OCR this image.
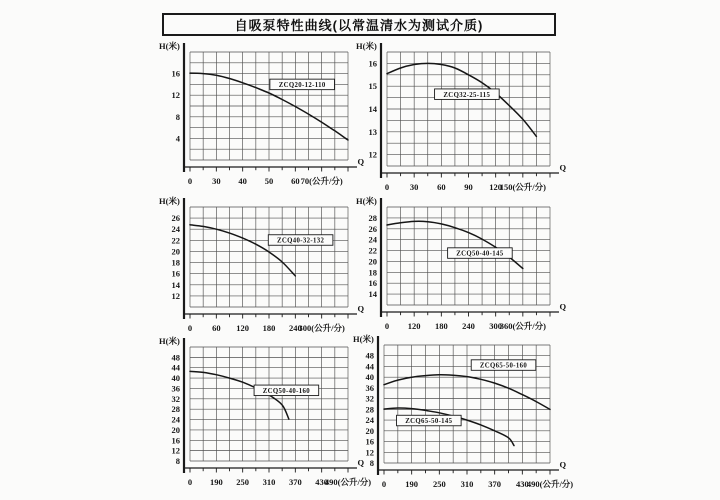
自吸泵特性曲线(以常温清水为测试介质)
ZCQ20-12-110
H(米)
Q
4
8
12
16
0 30 40 50 60 70(公升/分)
ZCQ32-25-115
H(米)
Q
12
13
14
15
16
0 30 60 90 120
150(公升/分)
ZCQ40-32-132
H(米)
Q
12
14
16
18
20
22
24
26
0 60 120 180 240
300(公升/分)
ZCQ50-40-145
H(米)
Q
14
16
18
20
22
24
26
28
0 120 180 240 300
360(公升/分)
ZCQ50-40-160
H(米)
Q
8
12
16
20
24
28
32
36
40
44
48
0 190 250 310 370 430
490(公升/分)
ZCQ65-50-160
ZCQ65-50-145
H(米)
Q
8
12
16
20
24
28
32
36
40
44
48
0 190 250 310 370 430
490(公升/分)
